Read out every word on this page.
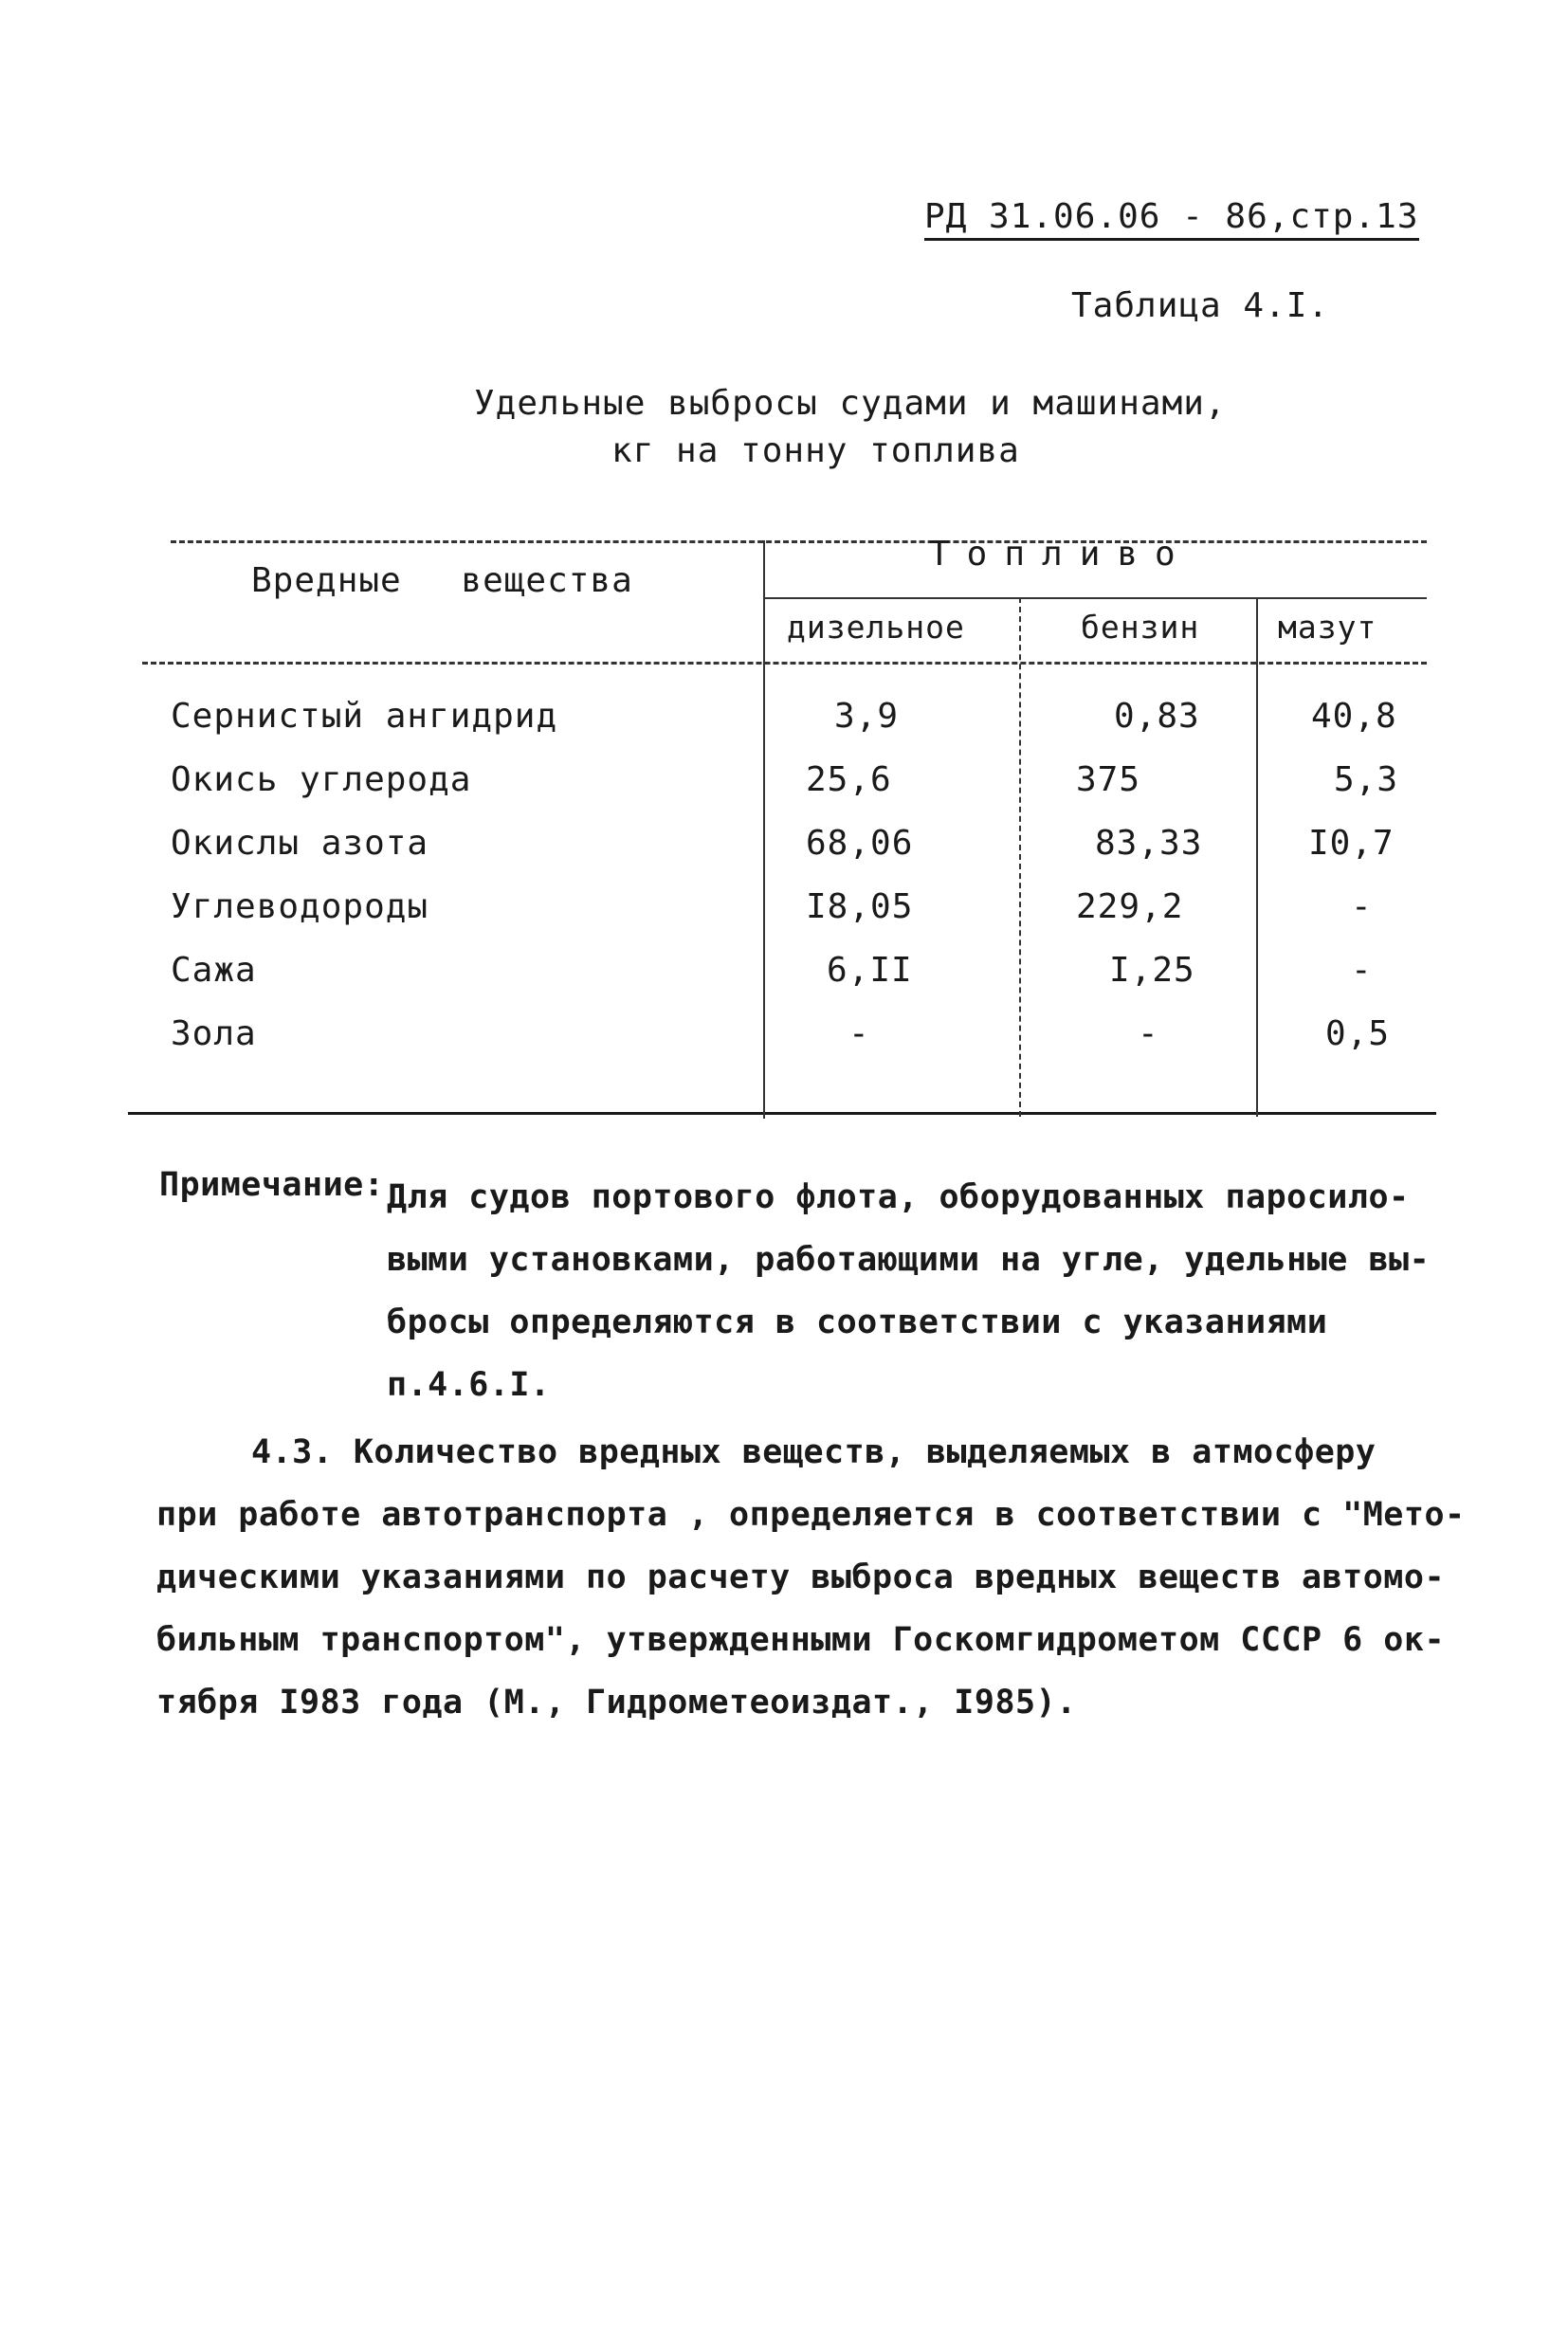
РД 31.06.06 - 86,стр.13
Таблица 4.I.
Удельные выбросы судами и машинами,
кг на тонну топлива
Вредные вещества
Топливо
дизельное	бензин	мазут
Сернистый ангидрид	3,9	0,83	40,8
Окись углерода	25,6	375	5,3
Окислы азота	68,06	83,33	I0,7
Углеводороды	I8,05	229,2	-
Сажа	6,II	I,25	-
Зола	-	-	0,5
Примечание: Для судов портового флота, оборудованных паросило-
выми установками, работающими на угле, удельные вы-
бросы определяются в соответствии с указаниями
п.4.6.I.
4.3. Количество вредных веществ, выделяемых в атмосферу
при работе автотранспорта , определяется в соответствии с "Мето-
дическими указаниями по расчету выброса вредных веществ автомо-
бильным транспортом", утвержденными Госкомгидрометом СССР 6 ок-
тября I983 года (М., Гидрометеоиздат., I985).
